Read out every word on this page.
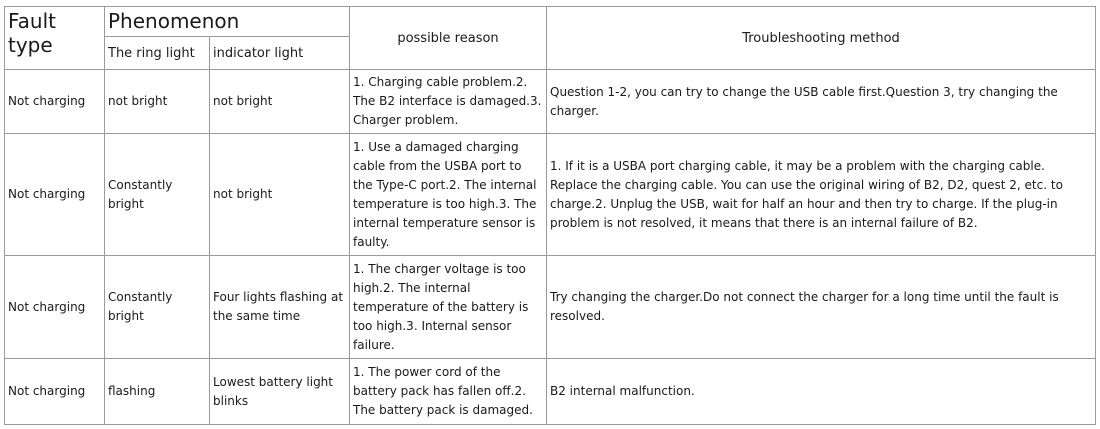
Fault type	Phenomenon		possible reason	Troubleshooting method
	The ring light	indicator light		
Not charging	not bright	not bright	1. Charging cable problem.2. The B2 interface is damaged.3. Charger problem.	Question 1-2, you can try to change the USB cable first.Question 3, try changing the charger.
Not charging	Constantly bright	not bright	1. Use a damaged charging cable from the USBA port to the Type-C port.2. The internal temperature is too high.3. The internal temperature sensor is faulty.	1. If it is a USBA port charging cable, it may be a problem with the charging cable. Replace the charging cable. You can use the original wiring of B2, D2, quest 2, etc. to charge.2. Unplug the USB, wait for half an hour and then try to charge. If the plug-in problem is not resolved, it means that there is an internal failure of B2.
Not charging	Constantly bright	Four lights flashing at the same time	1. The charger voltage is too high.2. The internal temperature of the battery is too high.3. Internal sensor failure.	Try changing the charger.Do not connect the charger for a long time until the fault is resolved.
Not charging	flashing	Lowest battery light blinks	1. The power cord of the battery pack has fallen off.2. The battery pack is damaged.	B2 internal malfunction.
